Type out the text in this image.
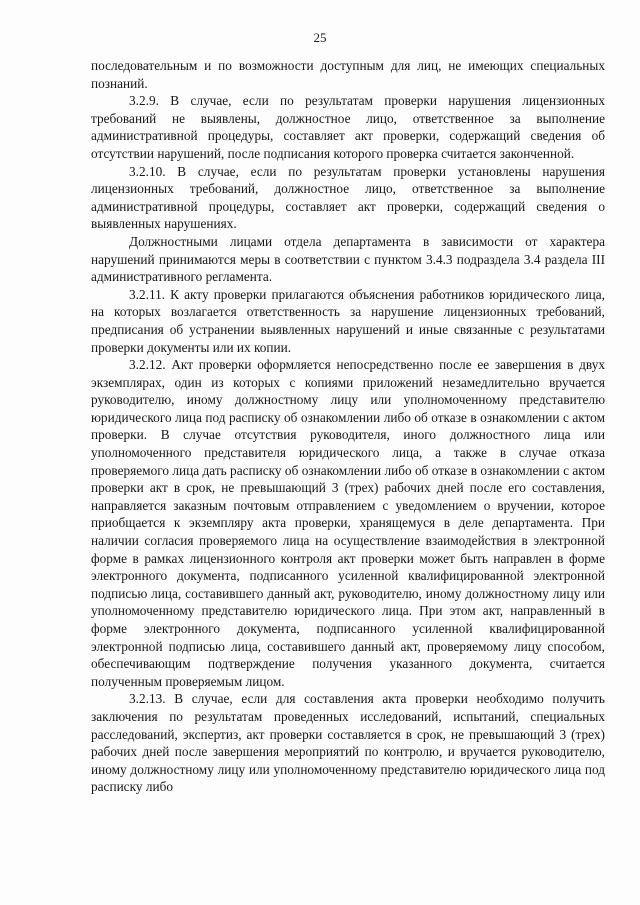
25

последовательным и по возможности доступным для лиц, не имеющих специальных познаний.

3.2.9. В случае, если по результатам проверки нарушения лицензионных требований не выявлены, должностное лицо, ответственное за выполнение административной процедуры, составляет акт проверки, содержащий сведения об отсутствии нарушений, после подписания которого проверка считается законченной.

3.2.10. В случае, если по результатам проверки установлены нарушения лицензионных требований, должностное лицо, ответственное за выполнение административной процедуры, составляет акт проверки, содержащий сведения о выявленных нарушениях.

Должностными лицами отдела департамента в зависимости от характера нарушений принимаются меры в соответствии с пунктом 3.4.3 подраздела 3.4 раздела III административного регламента.

3.2.11. К акту проверки прилагаются объяснения работников юридического лица, на которых возлагается ответственность за нарушение лицензионных требований, предписания об устранении выявленных нарушений и иные связанные с результатами проверки документы или их копии.

3.2.12. Акт проверки оформляется непосредственно после ее завершения в двух экземплярах, один из которых с копиями приложений незамедлительно вручается руководителю, иному должностному лицу или уполномоченному представителю юридического лица под расписку об ознакомлении либо об отказе в ознакомлении с актом проверки. В случае отсутствия руководителя, иного должностного лица или уполномоченного представителя юридического лица, а также в случае отказа проверяемого лица дать расписку об ознакомлении либо об отказе в ознакомлении с актом проверки акт в срок, не превышающий 3 (трех) рабочих дней после его составления, направляется заказным почтовым отправлением с уведомлением о вручении, которое приобщается к экземпляру акта проверки, хранящемуся в деле департамента. При наличии согласия проверяемого лица на осуществление взаимодействия в электронной форме в рамках лицензионного контроля акт проверки может быть направлен в форме электронного документа, подписанного усиленной квалифицированной электронной подписью лица, составившего данный акт, руководителю, иному должностному лицу или уполномоченному представителю юридического лица. При этом акт, направленный в форме электронного документа, подписанного усиленной квалифицированной электронной подписью лица, составившего данный акт, проверяемому лицу способом, обеспечивающим подтверждение получения указанного документа, считается полученным проверяемым лицом.

3.2.13. В случае, если для составления акта проверки необходимо получить заключения по результатам проведенных исследований, испытаний, специальных расследований, экспертиз, акт проверки составляется в срок, не превышающий 3 (трех) рабочих дней после завершения мероприятий по контролю, и вручается руководителю, иному должностному лицу или уполномоченному представителю юридического лица под расписку либо
